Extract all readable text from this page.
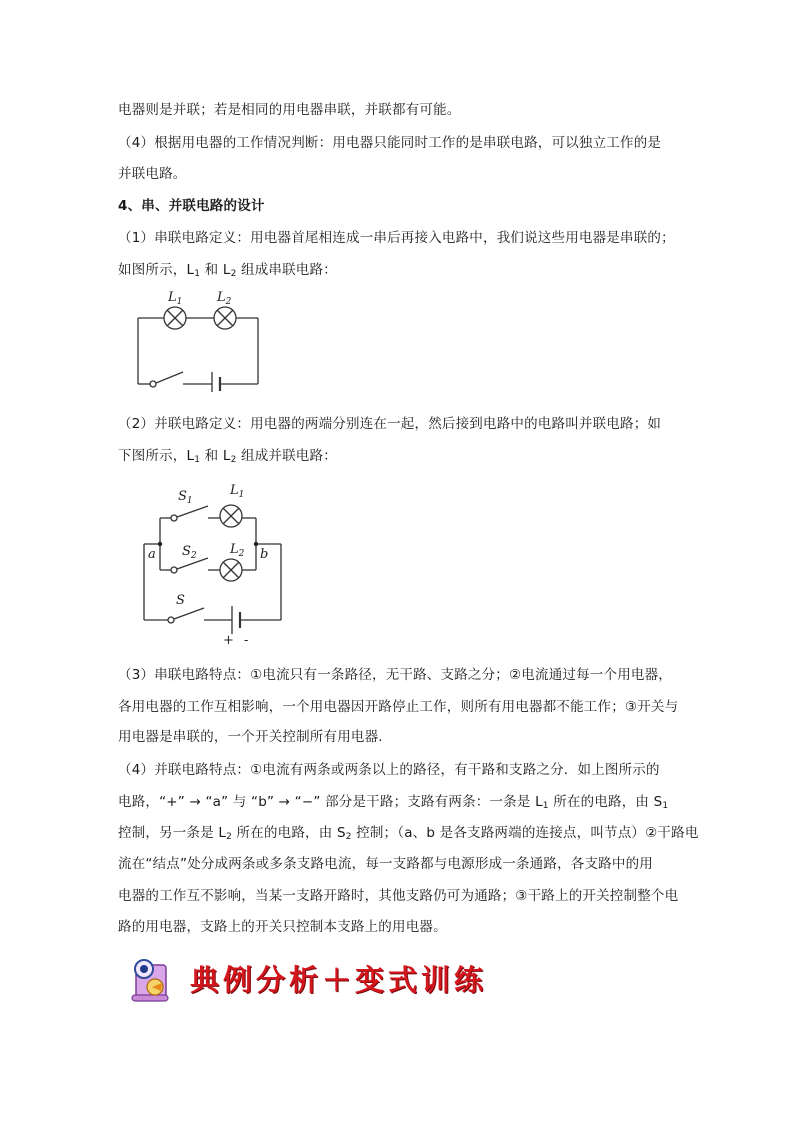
电器则是并联；若是相同的用电器串联，并联都有可能。
（4）根据用电器的工作情况判断：用电器只能同时工作的是串联电路，可以独立工作的是
并联电路。
4、串、并联电路的设计
（1）串联电路定义：用电器首尾相连成一串后再接入电路中，我们说这些用电器是串联的；
如图所示，$L_1$ 和 $L_2$ 组成串联电路：
$L_1$	$L_2$
（2）并联电路定义：用电器的两端分别连在一起，然后接到电路中的电路叫并联电路；如
下图所示，$L_1$ 和 $L_2$ 组成并联电路：
$S_1$
$L_1$
$S_2$	$L_2$
a	b
S
+ -
（3）串联电路特点：①电流只有一条路径，无干路、支路之分；②电流通过每一个用电器，
各用电器的工作互相影响，一个用电器因开路停止工作，则所有用电器都不能工作；③开关与
用电器是串联的，一个开关控制所有用电器.
（4）并联电路特点：①电流有两条或两条以上的路径，有干路和支路之分．如上图所示的
电路，“+” → “a” 与 “b” → “−” 部分是干路；支路有两条：一条是 $L_1$ 所在的电路，由 $S_1$
控制，另一条是 $L_2$ 所在的电路，由 $S_2$ 控制；（a、b 是各支路两端的连接点，叫节点）②干路电
流在“结点”处分成两条或多条支路电流，每一支路都与电源形成一条通路，各支路中的用
电器的工作互不影响，当某一支路开路时，其他支路仍可为通路；③干路上的开关控制整个电
路的用电器，支路上的开关只控制本支路上的用电器。
典例分析＋变式训练
